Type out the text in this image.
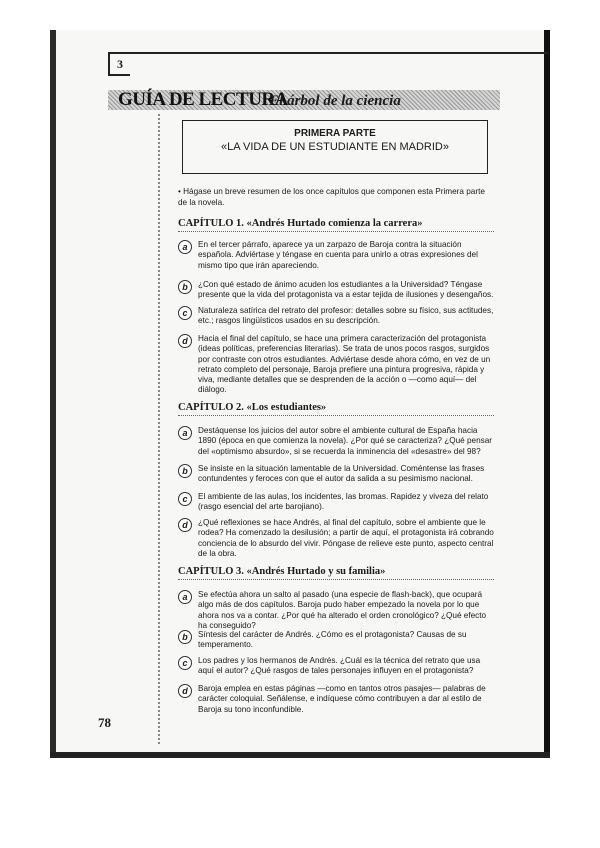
3
GUÍA DE LECTURA
78
El árbol de la ciencia
PRIMERA PARTE
«LA VIDA DE UN ESTUDIANTE EN MADRID»
• Hágase un breve resumen de los once capítulos que componen esta Primera parte de la novela.
CAPÍTULO 1. «Andrés Hurtado comienza la carrera»
a	En el tercer párrafo, aparece ya un zarpazo de Baroja contra la situación española. Adviértase y téngase en cuenta para unirlo a otras expresiones del mismo tipo que irán apareciendo.
b	¿Con qué estado de ánimo acuden los estudiantes a la Universidad? Téngase presente que la vida del protagonista va a estar tejida de ilusiones y desengaños.
c	Naturaleza satírica del retrato del profesor: detalles sobre su físico, sus actitudes, etc.; rasgos lingüísticos usados en su descripción.
d	Hacia el final del capítulo, se hace una primera caracterización del protagonista (ideas políticas, preferencias literarias). Se trata de unos pocos rasgos, surgidos por contraste con otros estudiantes. Adviértase desde ahora cómo, en vez de un retrato completo del personaje, Baroja prefiere una pintura progresiva, rápida y viva, mediante detalles que se desprenden de la acción o —como aquí— del diálogo.
CAPÍTULO 2. «Los estudiantes»
a	Destáquense los juicios del autor sobre el ambiente cultural de España hacia 1890 (época en que comienza la novela). ¿Por qué se caracteriza? ¿Qué pensar del «optimismo absurdo», si se recuerda la inminencia del «desastre» del 98?
b	Se insiste en la situación lamentable de la Universidad. Coméntense las frases contundentes y feroces con que el autor da salida a su pesimismo nacional.
c	El ambiente de las aulas, los incidentes, las bromas. Rapidez y viveza del relato (rasgo esencial del arte barojiano).
d	¿Qué reflexiones se hace Andrés, al final del capítulo, sobre el ambiente que le rodea? Ha comenzado la desilusión; a partir de aquí, el protagonista irá cobrando conciencia de lo absurdo del vivir. Póngase de relieve este punto, aspecto central de la obra.
CAPÍTULO 3. «Andrés Hurtado y su familia»
a	Se efectúa ahora un salto al pasado (una especie de flash-back), que ocupará algo más de dos capítulos. Baroja pudo haber empezado la novela por lo que ahora nos va a contar. ¿Por qué ha alterado el orden cronológico? ¿Qué efecto ha conseguido?
b	Síntesis del carácter de Andrés. ¿Cómo es el protagonista? Causas de su temperamento.
c	Los padres y los hermanos de Andrés. ¿Cuál es la técnica del retrato que usa aquí el autor? ¿Qué rasgos de tales personajes influyen en el protagonista?
d	Baroja emplea en estas páginas —como en tantos otros pasajes— palabras de carácter coloquial. Señálense, e indíquese cómo contribuyen a dar al estilo de Baroja su tono inconfundible.
